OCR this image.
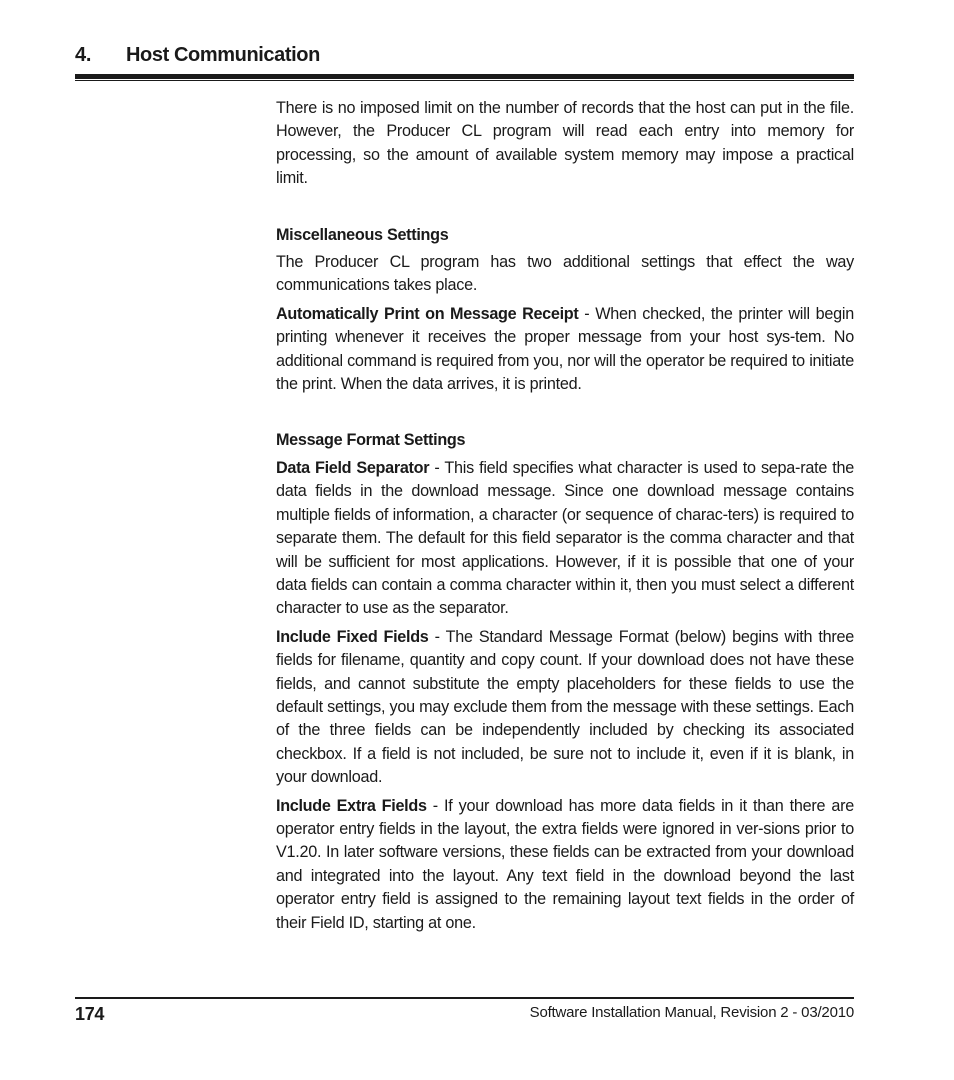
4. Host Communication

There is no imposed limit on the number of records that the host can put in the file. However, the Producer CL program will read each entry into memory for processing, so the amount of available system memory may impose a practical limit.

Miscellaneous Settings

The Producer CL program has two additional settings that effect the way communications takes place.

Automatically Print on Message Receipt - When checked, the printer will begin printing whenever it receives the proper message from your host sys-tem. No additional command is required from you, nor will the operator be required to initiate the print. When the data arrives, it is printed.

Message Format Settings

Data Field Separator - This field specifies what character is used to sepa-rate the data fields in the download message. Since one download message contains multiple fields of information, a character (or sequence of charac-ters) is required to separate them. The default for this field separator is the comma character and that will be sufficient for most applications. However, if it is possible that one of your data fields can contain a comma character within it, then you must select a different character to use as the separator.

Include Fixed Fields - The Standard Message Format (below) begins with three fields for filename, quantity and copy count. If your download does not have these fields, and cannot substitute the empty placeholders for these fields to use the default settings, you may exclude them from the message with these settings. Each of the three fields can be independently included by checking its associated checkbox. If a field is not included, be sure not to include it, even if it is blank, in your download.

Include Extra Fields - If your download has more data fields in it than there are operator entry fields in the layout, the extra fields were ignored in ver-sions prior to V1.20. In later software versions, these fields can be extracted from your download and integrated into the layout. Any text field in the download beyond the last operator entry field is assigned to the remaining layout text fields in the order of their Field ID, starting at one.

174	Software Installation Manual, Revision 2 - 03/2010
